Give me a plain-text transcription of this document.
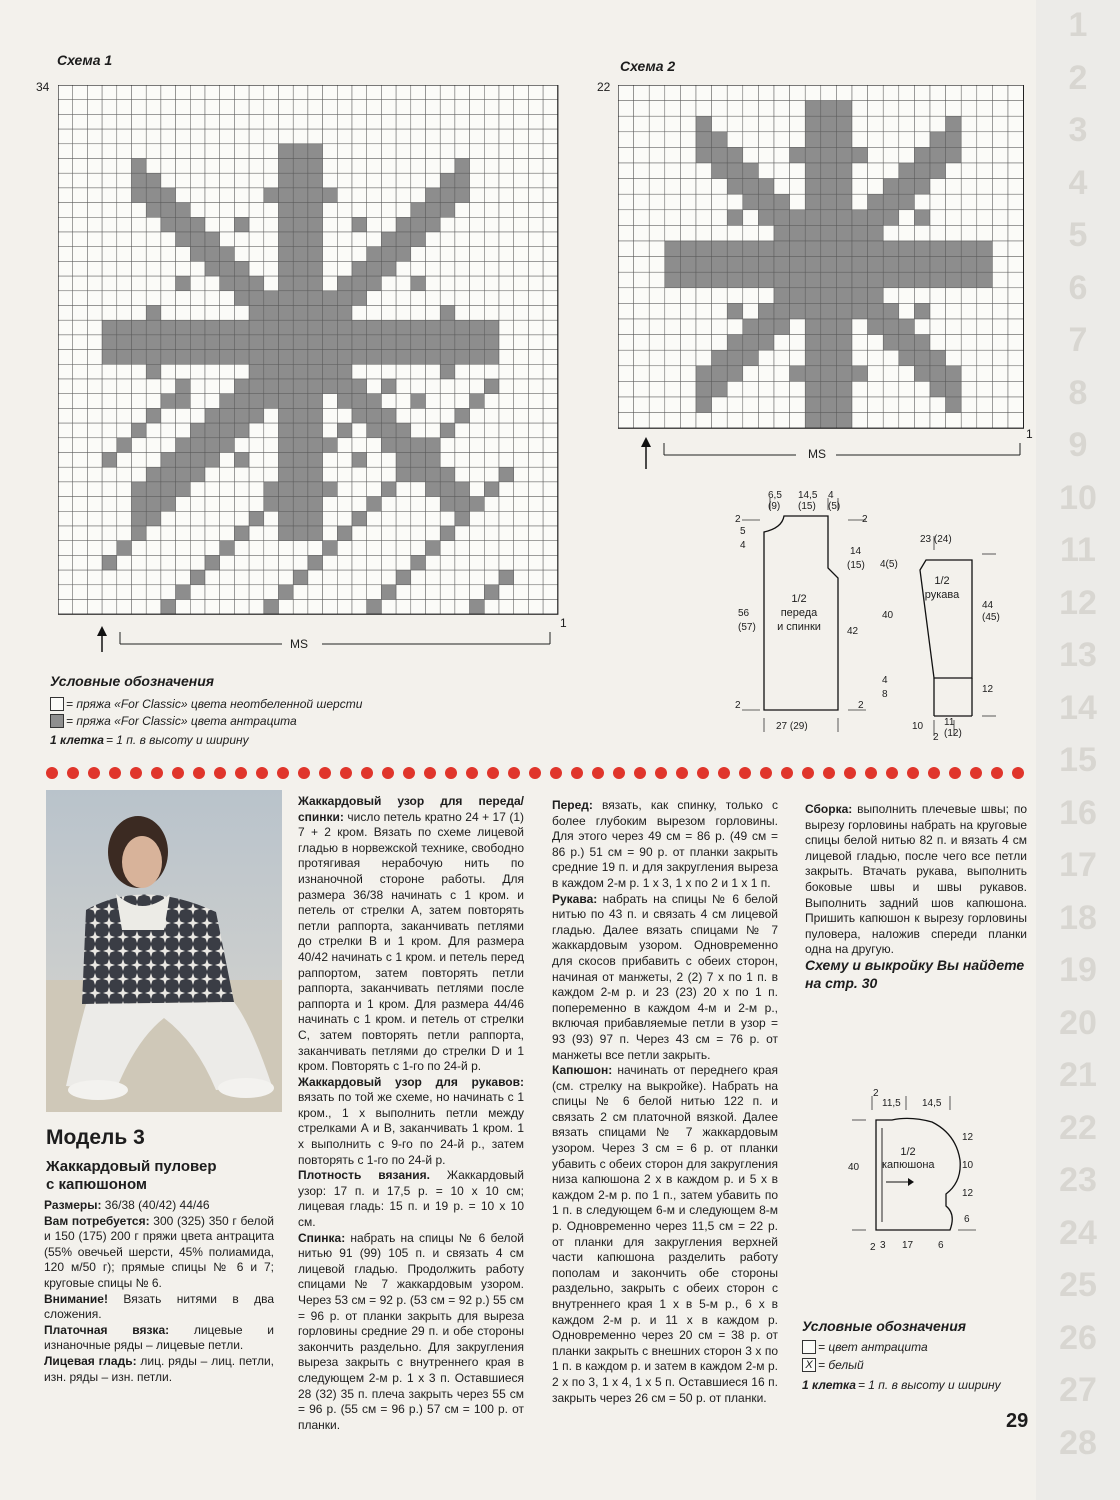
1
2
3
4
5
6
7
8
9
10
11
12
13
14
15
16
17
18
19
20
21
22
23
24
25
26
27
28
Схема 1
34
1
MS
Схема 2
22
1
MS
Условные обозначения
= пряжа «For Classic» цвета неотбеленной шерсти
= пряжа «For Classic» цвета антрацита
1 клетка = 1 п. в высоту и ширину
6,5
(9)
14,5
(15)
4
(5)
2
5
4
2
2
14
(15)
42
2
56
(57)
1/2
переда
и спинки
27 (29)
23 (24)
4(5)
40
44
(45)
4
8	12
1/2
рукава
10 11
(12)
2
Модель 3
Жаккардовый пуловер
с капюшоном

Размеры: 36/38 (40/42) 44/46

Вам потребуется: 300 (325) 350 г белой и 150 (175) 200 г пряжи цвета антрацита (55% овечьей шерсти, 45% полиамида, 120 м/50 г); прямые спицы № 6 и 7; круговые спицы № 6.

Внимание! Вязать нитями в два сложения.

Платочная вязка: лицевые и изнаночные ряды – лицевые петли.

Лицевая гладь: лиц. ряды – лиц. петли, изн. ряды – изн. петли.

Жаккардовый узор для переда/спинки: число петель кратно 24 + 17 (1) 7 + 2 кром. Вязать по схеме лицевой гладью в норвежской технике, свободно протягивая нерабочую нить по изнаночной стороне работы. Для размера 36/38 начинать с 1 кром. и петель от стрелки А, затем повторять петли раппорта, заканчивать петлями до стрелки В и 1 кром. Для размера 40/42 начинать с 1 кром. и петель перед раппортом, затем повторять петли раппорта, заканчивать петлями после раппорта и 1 кром. Для размера 44/46 начинать с 1 кром. и петель от стрелки С, затем повторять петли раппорта, заканчивать петлями до стрелки D и 1 кром. Повторять с 1-го по 24-й р.

Жаккардовый узор для рукавов: вязать по той же схеме, но начинать с 1 кром., 1 х выполнить петли между стрелками А и В, заканчивать 1 кром. 1 х выполнить с 9-го по 24-й р., затем повторять с 1-го по 24-й р.

Плотность вязания. Жаккардовый узор: 17 п. и 17,5 р. = 10 х 10 см; лицевая гладь: 15 п. и 19 р. = 10 х 10 см.

Спинка: набрать на спицы № 6 белой нитью 91 (99) 105 п. и связать 4 см лицевой гладью. Продолжить работу спицами № 7 жаккардовым узором. Через 53 см = 92 р. (53 см = 92 р.) 55 см = 96 р. от планки закрыть для выреза горловины средние 29 п. и обе стороны закончить раздельно. Для закругления выреза закрыть с внутреннего края в следующем 2-м р. 1 х 3 п. Оставшиеся 28 (32) 35 п. плеча закрыть через 55 см = 96 р. (55 см = 96 р.) 57 см = 100 р. от планки.

Перед: вязать, как спинку, только с более глубоким вырезом горловины. Для этого через 49 см = 86 р. (49 см = 86 р.) 51 см = 90 р. от планки закрыть средние 19 п. и для закругления выреза в каждом 2-м р. 1 х 3, 1 х по 2 и 1 х 1 п.

Рукава: набрать на спицы № 6 белой нитью по 43 п. и связать 4 см лицевой гладью. Далее вязать спицами № 7 жаккардовым узором. Одновременно для скосов прибавить с обеих сторон, начиная от манжеты, 2 (2) 7 х по 1 п. в каждом 2-м р. и 23 (23) 20 х по 1 п. попеременно в каждом 4-м и 2-м р., включая прибавляемые петли в узор = 93 (93) 97 п. Через 43 см = 76 р. от манжеты все петли закрыть.

Капюшон: начинать от переднего края (см. стрелку на выкройке). Набрать на спицы № 6 белой нитью 122 п. и связать 2 см платочной вязкой. Далее вязать спицами № 7 жаккардовым узором. Через 3 см = 6 р. от планки убавить с обеих сторон для закругления низа капюшона 2 х в каждом р. и 5 х в каждом 2-м р. по 1 п., затем убавить по 1 п. в следующем 6-м и следующем 8-м р. Одновременно через 11,5 см = 22 р. от планки для закругления верхней части капюшона разделить работу пополам и закончить обе стороны раздельно, закрыть с обеих сторон с внутреннего края 1 х в 5-м р., 6 х в каждом 2-м р. и 11 х в каждом р. Одновременно через 20 см = 38 р. от планки закрыть с внешних сторон 3 х по 1 п. в каждом р. и затем в каждом 2-м р. 2 х по 3, 1 х 4, 1 х 5 п. Оставшиеся 16 п. закрыть через 26 см = 50 р. от планки.

Сборка: выполнить плечевые швы; по вырезу горловины набрать на круговые спицы белой нитью 82 п. и вязать 4 см лицевой гладью, после чего все петли закрыть. Втачать рукава, выполнить боковые швы и швы рукавов. Выполнить задний шов капюшона. Пришить капюшон к вырезу горловины пуловера, наложив спереди планки одна на другую.

Схему и выкройку Вы найдете на стр. 30
2
11,5 14,5
40
1/2
капюшона
12
10
12
6
2 3 17 6
Условные обозначения
= цвет антрацита
X = белый
1 клетка = 1 п. в высоту и ширину
29
